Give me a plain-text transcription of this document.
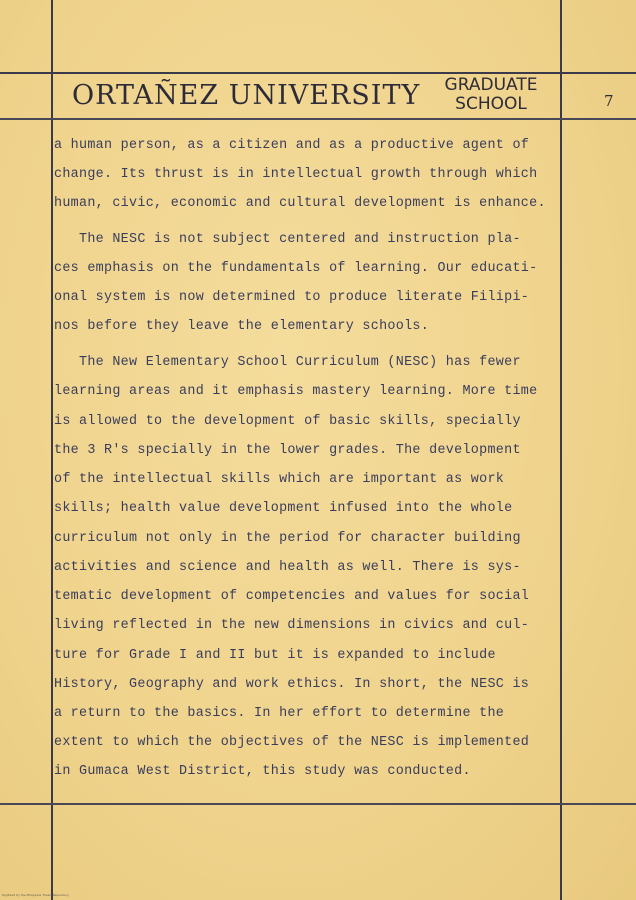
ORTAÑEZ UNIVERSITY GRADUATE
SCHOOL	7
a human person, as a citizen and as a productive agent of
change. Its thrust is in intellectual growth through which
human, civic, economic and cultural development is enhance.
The NESC is not subject centered and instruction pla-
ces emphasis on the fundamentals of learning. Our educati-
onal system is now determined to produce literate Filipi-
nos before they leave the elementary schools.
The New Elementary School Curriculum (NESC) has fewer
learning areas and it emphasis mastery learning. More time
is allowed to the development of basic skills, specially
the 3 R's specially in the lower grades. The development
of the intellectual skills which are important as work
skills; health value development infused into the whole
curriculum not only in the period for character building
activities and science and health as well. There is sys-
tematic development of competencies and values for social
living reflected in the new dimensions in civics and cul-
ture for Grade I and II but it is expanded to include
History, Geography and work ethics. In short, the NESC is
a return to the basics. In her effort to determine the
extent to which the objectives of the NESC is implemented
in Gumaca West District, this study was conducted.
Digitized by the Philippine Thesis Repository
